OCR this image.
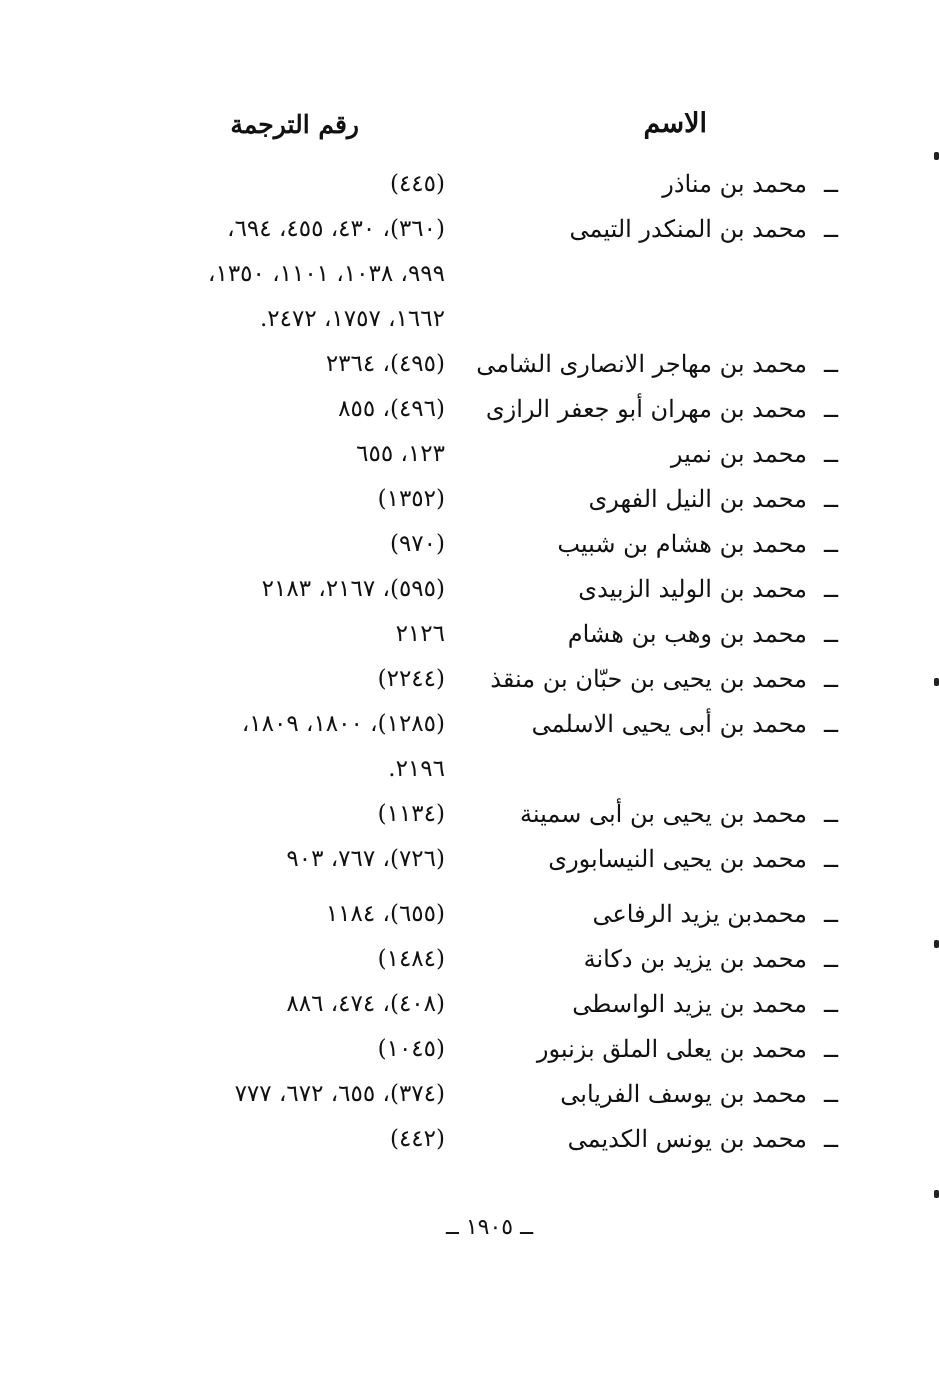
الاسم
رقم الترجمة
ــ
محمد بن مناذر
(٤٤٥)
ــ
محمد بن المنكدر التيمى
(٣٦٠)، ٤٣٠، ٤٥٥، ٦٩٤،
٩٩٩، ١٠٣٨، ١١٠١، ١٣٥٠،
١٦٦٢، ١٧٥٧، ٢٤٧٢.
ــ
محمد بن مهاجر الانصارى الشامى
(٤٩٥)، ٢٣٦٤
ــ
محمد بن مهران أبو جعفر الرازى
(٤٩٦)، ٨٥٥
ــ
محمد بن نمير
١٢٣، ٦٥٥
ــ
محمد بن النيل الفهرى
(١٣٥٢)
ــ
محمد بن هشام بن شبيب
(٩٧٠)
ــ
محمد بن الوليد الزبيدى
(٥٩٥)، ٢١٦٧، ٢١٨٣
ــ
محمد بن وهب بن هشام
٢١٢٦
ــ
محمد بن يحيى بن حبّان بن منقذ
(٢٢٤٤)
ــ
محمد بن أبى يحيى الاسلمى
(١٢٨٥)، ١٨٠٠، ١٨٠٩،
٢١٩٦.
ــ
محمد بن يحيى بن أبى سمينة
(١١٣٤)
ــ
محمد بن يحيى النيسابورى
(٧٢٦)، ٧٦٧، ٩٠٣
ــ
محمدبن يزيد الرفاعى
(٦٥٥)، ١١٨٤
ــ
محمد بن يزيد بن دكانة
(١٤٨٤)
ــ
محمد بن يزيد الواسطى
(٤٠٨)، ٤٧٤، ٨٨٦
ــ
محمد بن يعلى الملق بزنبور
(١٠٤٥)
ــ
محمد بن يوسف الفريابى
(٣٧٤)، ٦٥٥، ٦٧٢، ٧٧٧
ــ
محمد بن يونس الكديمى
(٤٤٢)
ــ ١٩٠٥ ــ
